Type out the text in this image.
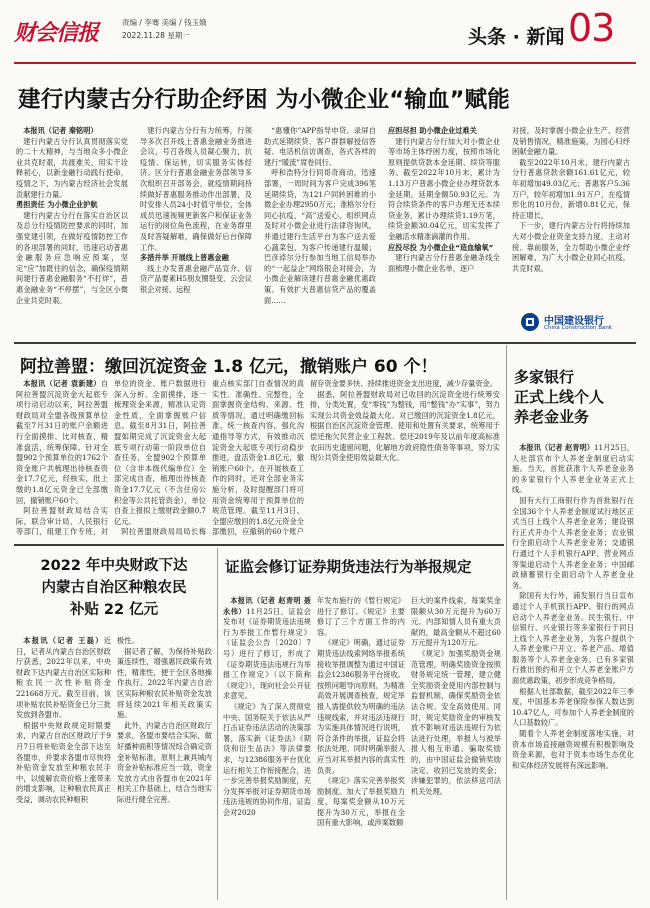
财会信报	责编 / 李骞 美编 / 钱玉娥
2022.11.28 星期一	头条 · 新闻 03
建行内蒙古分行助企纾困 为小微企业“输血”赋能

本报讯（记者 秦铭明）

建行内蒙古分行认真贯彻落实党的二十大精神，与当地众多小微企业共克时艰，共渡难关，用实干诠释初心，以新金融行动践行使命，疫情之下，为内蒙古经济社会发展贡献建行力量。

勇担责任 为小微企业护航

建行内蒙古分行在落实自治区以及总分行疫情防控要求的同时，加强党建引领，在做好疫情防控工作的各项部署的同时，迅速启动普惠金融服务应急响应预案，坚定“应”加既往的信念，确保疫情期间建行普惠金融服务“不打烊”，普惠金融业务“不停摆”，与全区小微企业共克时艰。

建行内蒙古分行有力统筹，行领导多次召开线上普惠金融业务推进会议，号召各级人员凝心聚力，抗疫情、保运转，切实服务实体经济。区分行普惠金融业务部领导多次组织召开部务会，就疫情期间持续做好普惠服务推动作出部署，及时安排人员24小时值守单位，全体成员迅速视频更新客户和保证业务运行的岗位角色流程，在业务群里及时答疑解难，确保做好后台保障工作。

多措并举 开展线上普惠金融

线上办发普惠金融产品宣介、信贷产品要素H5朋友圈裂变、云会议银企对接、远程

“惠懂你”APP指导申贷、录屏自助式延期续贷、客户群群解授信答疑、电话机信访调查，各式各样的建行“暖流”席卷同行。

呼和浩特分行同哥奇商动，迅速部署，一周时间为客户完成396笔延期续贷，为121户同转困难的小微企业办理2950万元；准格尔分行同心抗疫，“高”送爱心，组织网点及时对小微企业进行法律咨询风，并通过建行生活平台为客户送去爱心蔬菜包，为客户传递建行温暖；巴彦淖尔分行参加当地工信局举办的“一起益企”网络银企对接会，为小微企业解读建行普惠金融优惠政策。有效扩大普惠信贷产品的覆盖面……

应担尽担 助小微企业过难关

建行内蒙古分行加大对小微企业等市场主体纾困力度，按照市场化原则提供贷款本金延期、续贷等服务。截至2022年10月末，累计为1.13万户普惠小微企业办理贷款本金延期，延期金额50.93亿元。为符合续贷条件的客户办理无还本续贷业务，累计办理续贷1.19万笔，续贷金额30.04亿元，切实发挥了金融活水精准滴灌的作用。

应投尽投 为小微企业“造血输氧”

建行内蒙古分行普惠金融条线全面梳理小微企业名单，逐户

对接，及时掌握小微企业生产、经营及销售情况，精准施策，为园心归纾困献金融力量。

截至2022年10月末，建行内蒙古分行普惠贷款余额161.61亿元，较年初增加49.03亿元；普惠客户5.36万户，较年初增加1.91万户，在疫情形化的10月份，新增0.81亿元，保持正增长。

下一步，建行内蒙古分行将持续加大对小微企业资金支持力度，主动对接、靠前服务，全力帮助小微企业纾困解难，为广大小微企业同心抗疫，共克时艰。

中国建设银行
China Construction Bank
阿拉善盟：缴回沉淀资金 1.8 亿元，撤销账户 60 个！

本报讯（记者 袁新建）自阿拉善盟沉淀资金大起底专项行动启动以来，阿拉善盟财政局对全盟各级预算单位截至7月31日的账户余额进行全面摸排、比对核查，精准盘活，统筹保障。针对全盟902个预算单位的1762个资金账户共梳理出待核查资金17.7亿元，经核实，批上缴的1.8亿元资金已全部缴回，撤销账户60个。

阿拉善盟财政局结合实际，联合审计局、人民银行等部门，组建工作专班，对

单位的资金、账户数据进行深入分析、全面摸排，逐一梳理资金来源，精准认定资金性质，全面掌握账户信息。截至8月31日，阿拉善盟如期完成了沉淀资金大起底专项行动第一阶段单位自查任务，全盟902个预算单位（含非本级代编单位）全部完成自查，梳理出待核查资金17.7亿元（不含住房公积金等公共托管资金），单位自查上报拟上缴财政金额0.7亿元。

阿拉善盟财政局局局长梅

重点核实部门自查情况的真实性、准确性、完整性，全面掌握资金结构、来源、性质等情况，通过明确缴回标准，统一核查内容，强化沟通指导等方式，有效推动沉淀资金大起底专项行动稳步推进，盘活资金1.8亿元，撤销账户60个。在开展核查工作的同时，还对全部业务实施分析，及时提醒部门将可用资金统筹用于预算单位的规范管理。截至11月3日，全盟应缴回的1.8亿元资金全部缴回，应撤销的60个账户

留存资金要多快、持续推进资金支出进度，减少存量资金。

据悉，阿拉善盟财政局对已收回的沉淀资金进行统筹安排，分类处置，变“零钱”为整钱，用“整钱”办“实事”，努力实现公共资金效益最大化。对已缴回的沉淀资金1.8亿元，根据自治区沉淀资金管理、使用和处置有关要求，统筹用于偿还拖欠民营企业工程款、偿还2019年及以前年度高标准农田历史遗留问题，化解地方政府隐性债务等事项，努力实现公共资金使用效益最大化。

多家银行
正式上线个人
养老金业务

本报讯（记者 赵青明）11月25日，人社部官布个人养老金制度启动实施。当天，首批获准个人养老金业务的多家银行个人养老金业务正式上线。

国有大行工商银行作为首批银行在全国36个个人养老金制度试行地区正式当日上线个人养老金业务；建设银行正式开办个人养老金业务；农业银行全面启动个人养老金业务；交通银行通过个人手机银行APP、营业网点等渠道启动个人养老金业务；中国邮政储蓄银行全面启动个人养老金业务。

除国有大行外，浦发银行当日宣布通过个人手机银行APP、银行的网点启动个人养老金业务。民生银行、中信银行、兴业银行等多家银行于同日上线个人养老金业务，为客户提供个人养老金账户开立、养老产品、增值服务等个人养老金业务。已有多家银行推出预约和开立个人养老金账户方面优惠政策，初步形成竞争格局。

根据人社部数据，截至2022年三季度，中国基本养老保险参保人数达到10.47亿人，可参加个人养老金制度的人口基数较广。

随着个人养老金制度落地实施，对资本市场直接融资规模有积极影响及资金来源，也对于资本市场生态优化和实体经济发展将有深远影响。

2022 年中央财政下达
内蒙古自治区种粮农民
补贴 22 亿元

本报讯（记者 王磊）近日，记者从内蒙古自治区财政厅获悉，2022年以来，中央财政下达内蒙古自治区实际种粮农民一次性补贴资金221668万元。截至目前，该项补贴农民补贴资金已分三批发放到各盟市。

根据中央财政规定时限要求，内蒙古自治区财政厅于9月7日将补贴资金全部下达至各盟市，并要求各盟市尽快将补贴资金发放至种粮农民手中，以缓解农资价格上涨带来的增支影响，让种粮农民真正受益，调动农民种粮积

极性。

据记者了解，为保持补贴政策连续性，增强惠民政策有效性，精准性，便于全区各地操作执行，2022年内蒙古自治区实际种粮农民补贴资金发放将延续2021年相关政策实施。

此外，内蒙古自治区财政厅要求，各盟市要结合实际，做好播种面积等情况综合确定资金补贴标准，原则上兼具城内资金补贴标准应当一致，资金发放方式由各盟市在2021年相关工作基础上，结合当地实际进行健全完善。

证监会修订证券期货违法行为举报规定

本报讯（记者 赵青明 聂永伟）11月25日，证监会发布对《证券期货违法违规行为举报工作暂行规定》（证监会公告〔2020〕7号）进行了修订，形成了《证券期货违法违规行为举报工作规定》（以下简称《规定》），现向社会公开征求意见。

《规定》为了深入贯彻党中央、国务院关于依法从严打击证券违法活动的决策部署，落实新《证券法》《期货和衍生品法》等法律要求，与12386服务平台优化运行相关工作衔接配合，进一步完善举报奖励制度，充分发挥举报对证券期货市场违法违规的协同作用，证监会对2020

年发布施行的《暂行规定》进行了修订。《规定》主要修订了三个方面工作的内容。

《规定》明确，通过证券期货违法线索网络举报系统接收举报调整为通过中国证监会12386服务平台接收。按照问题导向原则，为精准高效开展调查核查，规定举报人需提供较为明确的违法违规线索，并对违法违规行为实施具体情况进行说明，符合条件的举报，证监会将依法处理。同时明确举报人应当对其举报内容的真实性负责。

《规定》落实完善举报奖励制度。加大了举报奖励力度，每案奖金额从10万元提升为30万元，举报在全国有重大影响，或涉案数额

巨大的案件线索，每案奖金限额从30万元提升为60万元。内部知情人员有重大贡献的，最高金额从不超过60万元提升为120万元。

《规定》加强奖励资金规范管理，明确奖励资金按照财务规定统一管理，建立健全奖励资金使用内部控制与监督机制，确保奖励资金依法合规、安全高效使用。同时，规定奖励资金的审核发放不影响对违法违规行为依法进行处理，举报人与被举报人相互串通、骗取奖励的，由中国证监会撤销奖励决定、收回已发放的奖金；涉嫌犯罪的，依法移送司法机关处理。
